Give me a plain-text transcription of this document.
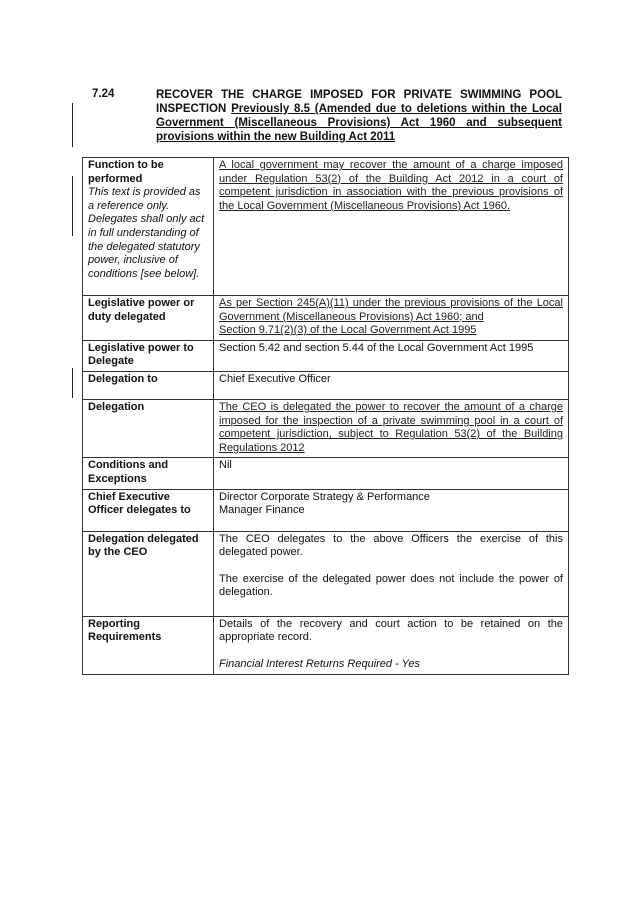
7.24	RECOVER THE CHARGE IMPOSED FOR PRIVATE SWIMMING POOL INSPECTION Previously 8.5 (Amended due to deletions within the Local Government (Miscellaneous Provisions) Act 1960 and subsequent provisions within the new Building Act 2011
Function to be performed
This text is provided as a reference only. Delegates shall only act in full understanding of the delegated statutory power, inclusive of conditions [see below].	A local government may recover the amount of a charge imposed under Regulation 53(2) of the Building Act 2012 in a court of competent jurisdiction in association with the previous provisions of the Local Government (Miscellaneous Provisions) Act 1960.
Legislative power or duty delegated	As per Section 245(A)(11) under the previous provisions of the Local Government (Miscellaneous Provisions) Act 1960; and
Section 9.71(2)(3) of the Local Government Act 1995
Legislative power to Delegate	Section 5.42 and section 5.44 of the Local Government Act 1995
Delegation to	Chief Executive Officer
Delegation	The CEO is delegated the power to recover the amount of a charge imposed for the inspection of a private swimming pool in a court of competent jurisdiction, subject to Regulation 53(2) of the Building Regulations 2012
Conditions and Exceptions	Nil
Chief Executive Officer delegates to	Director Corporate Strategy & Performance
Manager Finance

Delegation delegated by the CEO	The CEO delegates to the above Officers the exercise of this delegated power.
The exercise of the delegated power does not include the power of delegation.

Reporting Requirements	Details of the recovery and court action to be retained on the appropriate record.
Financial Interest Returns Required - Yes
